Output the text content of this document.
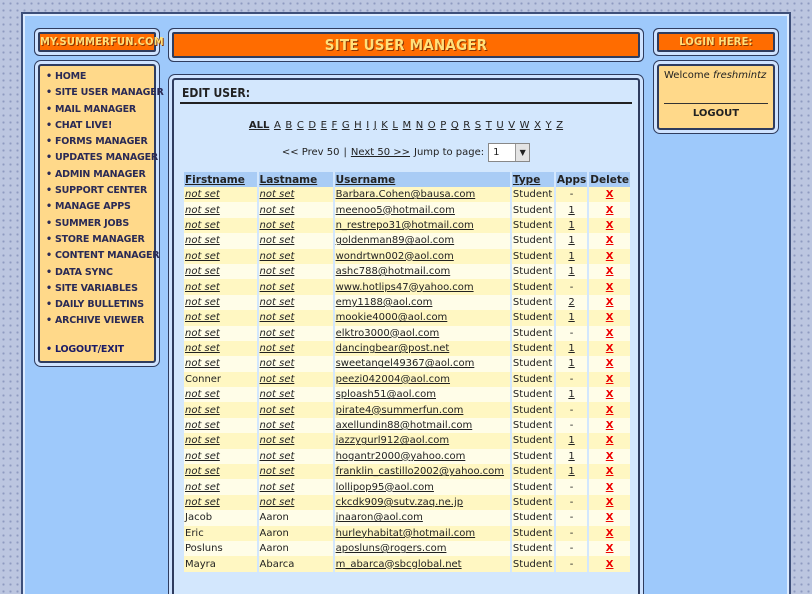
MY.SUMMERFUN.COM	SITE USER MANAGER	LOGIN HERE:
• HOME
• SITE USER MANAGER
• MAIL MANAGER
• CHAT LIVE!
• FORMS MANAGER
• UPDATES MANAGER
• ADMIN MANAGER
• SUPPORT CENTER
• MANAGE APPS
• SUMMER JOBS
• STORE MANAGER
• CONTENT MANAGER
• DATA SYNC
• SITE VARIABLES
• DAILY BULLETINS
• ARCHIVE VIEWER
• LOGOUT/EXIT
Welcome freshmintz
LOGOUT
EDIT USER:
ALL A B C D E F G H I J K L M N O P Q R S T U V W X Y Z
<< Prev 50 | Next 50 >> Jump to page: 1	▼
Firstname	Lastname	Username	Type	Apps	Delete
not set	not set	Barbara.Cohen@bausa.com	Student	-	X
not set	not set	meenoo5@hotmail.com	Student	1	X
not set	not set	n_restrepo31@hotmail.com	Student	1	X
not set	not set	goldenman89@aol.com	Student	1	X
not set	not set	wondrtwn002@aol.com	Student	1	X
not set	not set	ashc788@hotmail.com	Student	1	X
not set	not set	www.hotlips47@yahoo.com	Student	-	X
not set	not set	emy1188@aol.com	Student	2	X
not set	not set	mookie4000@aol.com	Student	1	X
not set	not set	elktro3000@aol.com	Student	-	X
not set	not set	dancingbear@post.net	Student	1	X
not set	not set	sweetangel49367@aol.com	Student	1	X
Conner	not set	peezi042004@aol.com	Student	-	X
not set	not set	sploash51@aol.com	Student	1	X
not set	not set	pirate4@summerfun.com	Student	-	X
not set	not set	axellundin88@hotmail.com	Student	-	X
not set	not set	jazzygurl912@aol.com	Student	1	X
not set	not set	hogantr2000@yahoo.com	Student	1	X
not set	not set	franklin_castillo2002@yahoo.com	Student	1	X
not set	not set	lollipop95@aol.com	Student	-	X
not set	not set	ckcdk909@sutv.zaq.ne.jp	Student	-	X
Jacob	Aaron	jnaaron@aol.com	Student	-	X
Eric	Aaron	hurleyhabitat@hotmail.com	Student	-	X
Posluns	Aaron	aposluns@rogers.com	Student	-	X
Mayra	Abarca	m_abarca@sbcglobal.net	Student	-	X
